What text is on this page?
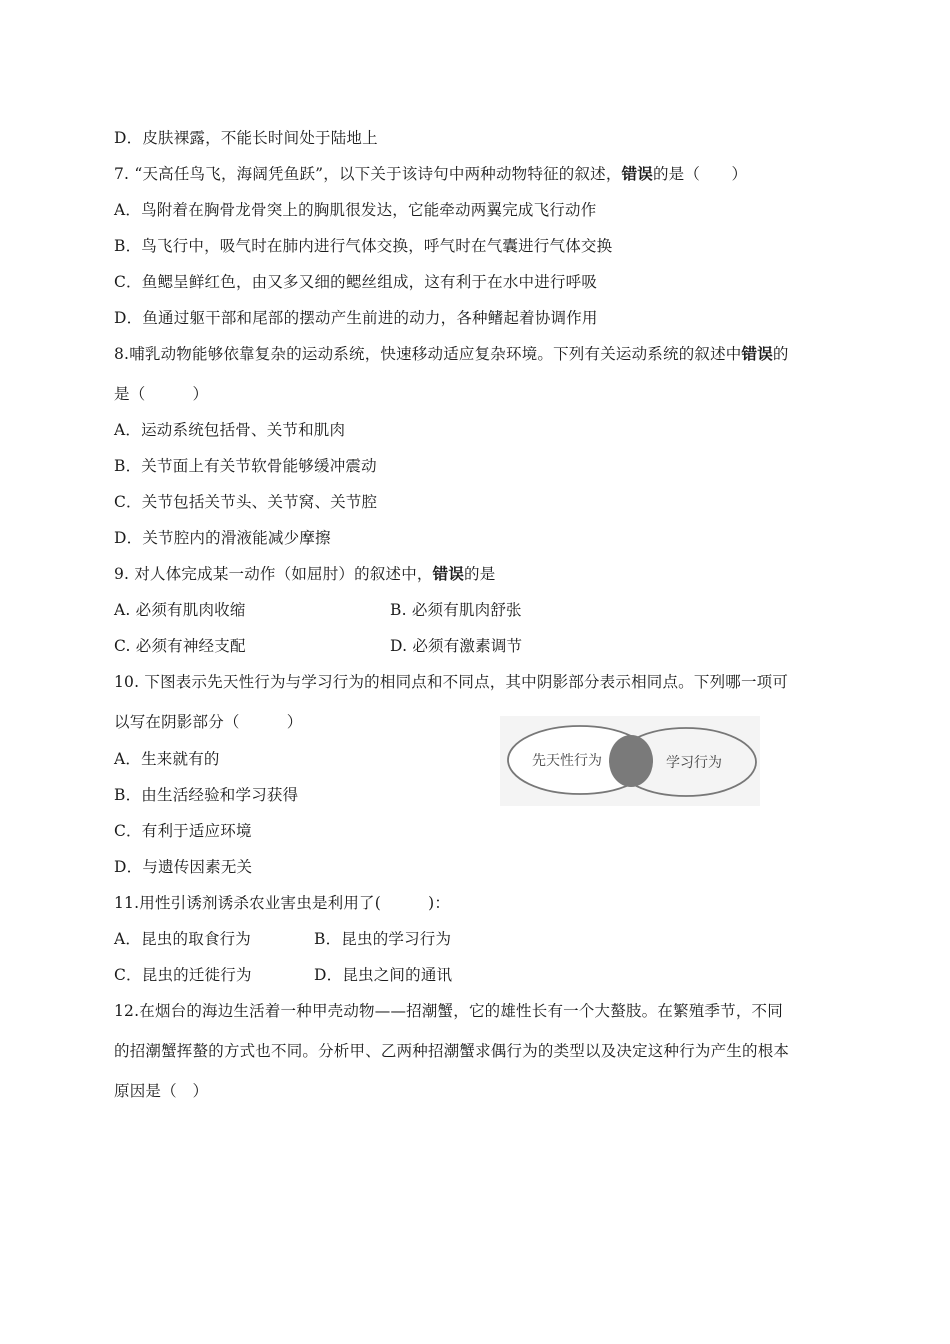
D．皮肤裸露，不能长时间处于陆地上
7. “天高任鸟飞，海阔凭鱼跃”，以下关于该诗句中两种动物特征的叙述，错误的是（　　）
A．鸟附着在胸骨龙骨突上的胸肌很发达，它能牵动两翼完成飞行动作
B．鸟飞行中，吸气时在肺内进行气体交换，呼气时在气囊进行气体交换
C．鱼鳃呈鲜红色，由又多又细的鳃丝组成，这有利于在水中进行呼吸
D．鱼通过躯干部和尾部的摆动产生前进的动力，各种鳍起着协调作用
8.哺乳动物能够依靠复杂的运动系统，快速移动适应复杂环境。下列有关运动系统的叙述中错误的
是（　　　）
A．运动系统包括骨、关节和肌肉
B．关节面上有关节软骨能够缓冲震动
C．关节包括关节头、关节窝、关节腔
D．关节腔内的滑液能减少摩擦
9. 对人体完成某一动作（如屈肘）的叙述中，错误的是
A. 必须有肌肉收缩	B. 必须有肌肉舒张
C. 必须有神经支配	D. 必须有激素调节
10. 下图表示先天性行为与学习行为的相同点和不同点，其中阴影部分表示相同点。下列哪一项可
以写在阴影部分（　　　）
先天性行为	学习行为
A．生来就有的
B．由生活经验和学习获得
C．有利于适应环境
D．与遗传因素无关
11.用性引诱剂诱杀农业害虫是利用了(　　　)：
A．昆虫的取食行为	B．昆虫的学习行为
C．昆虫的迁徙行为	D．昆虫之间的通讯
12.在烟台的海边生活着一种甲壳动物——招潮蟹，它的雄性长有一个大螯肢。在繁殖季节，不同
的招潮蟹挥螯的方式也不同。分析甲、乙两种招潮蟹求偶行为的类型以及决定这种行为产生的根本
原因是（　）
